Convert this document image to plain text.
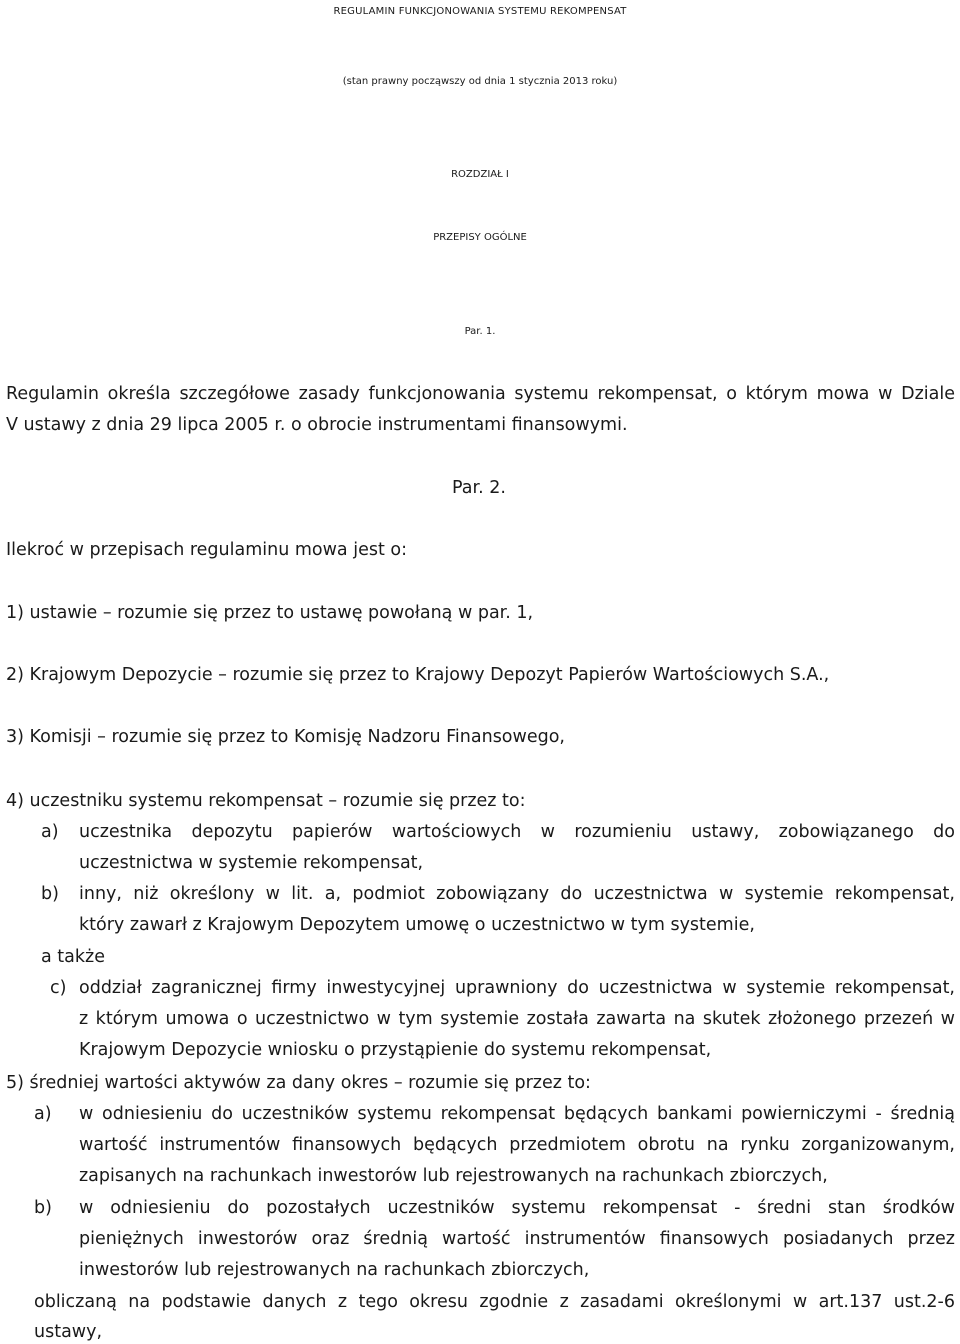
REGULAMIN FUNKCJONOWANIA SYSTEMU REKOMPENSAT
(stan prawny począwszy od dnia 1 stycznia 2013 roku)
ROZDZIAŁ I
PRZEPISY OGÓLNE
Par. 1.
Regulamin określa szczegółowe zasady funkcjonowania systemu rekompensat, o którym mowa w Dziale
V ustawy z dnia 29 lipca 2005 r. o obrocie instrumentami finansowymi.
Par. 2.
Ilekroć w przepisach regulaminu mowa jest o:
1) ustawie – rozumie się przez to ustawę powołaną w par. 1,
2) Krajowym Depozycie – rozumie się przez to Krajowy Depozyt Papierów Wartościowych S.A.,
3) Komisji – rozumie się przez to Komisję Nadzoru Finansowego,
4) uczestniku systemu rekompensat – rozumie się przez to:
a) uczestnika depozytu papierów wartościowych w rozumieniu ustawy, zobowiązanego do
uczestnictwa w systemie rekompensat,
b) inny, niż określony w lit. a, podmiot zobowiązany do uczestnictwa w systemie rekompensat,
który zawarł z Krajowym Depozytem umowę o uczestnictwo w tym systemie,
a także
c) oddział zagranicznej firmy inwestycyjnej uprawniony do uczestnictwa w systemie rekompensat,
z którym umowa o uczestnictwo w tym systemie została zawarta na skutek złożonego przezeń w
Krajowym Depozycie wniosku o przystąpienie do systemu rekompensat,
5) średniej wartości aktywów za dany okres – rozumie się przez to:
a) w odniesieniu do uczestników systemu rekompensat będących bankami powierniczymi - średnią
wartość instrumentów finansowych będących przedmiotem obrotu na rynku zorganizowanym,
zapisanych na rachunkach inwestorów lub rejestrowanych na rachunkach zbiorczych,
b) w odniesieniu do pozostałych uczestników systemu rekompensat - średni stan środków
pieniężnych inwestorów oraz średnią wartość instrumentów finansowych posiadanych przez
inwestorów lub rejestrowanych na rachunkach zbiorczych,
obliczaną na podstawie danych z tego okresu zgodnie z zasadami określonymi w art.137 ust.2-6
ustawy,
